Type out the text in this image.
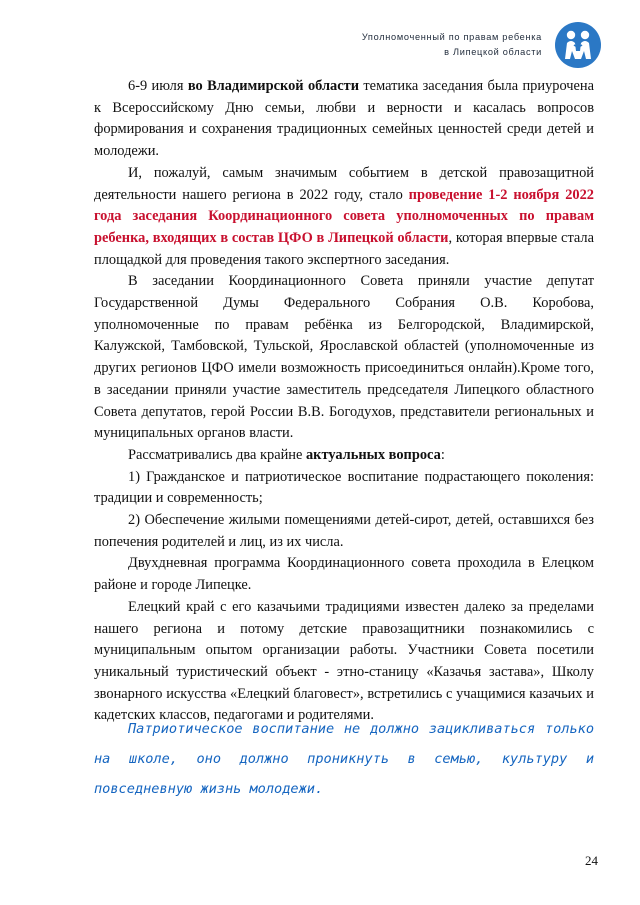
Уполномоченный по правам ребенка
в Липецкой области

6-9 июля во Владимирской области тематика заседания была приурочена к Всероссийскому Дню семьи, любви и верности и касалась вопросов формирования и сохранения традиционных семейных ценностей среди детей и молодежи.

И, пожалуй, самым значимым событием в детской правозащитной деятельности нашего региона в 2022 году, стало проведение 1-2 ноября 2022 года заседания Координационного совета уполномоченных по правам ребенка, входящих в состав ЦФО в Липецкой области, которая впервые стала площадкой для проведения такого экспертного заседания.

В заседании Координационного Совета приняли участие депутат Государственной Думы Федерального Собрания О.В. Коробова, уполномоченные по правам ребёнка из Белгородской, Владимирской, Калужской, Тамбовской, Тульской, Ярославской областей (уполномоченные из других регионов ЦФО имели возможность присоединиться онлайн).Кроме того, в заседании приняли участие заместитель председателя Липецкого областного Совета депутатов, герой России В.В. Богодухов, представители региональных и муниципальных органов власти.

Рассматривались два крайне актуальных вопроса:

1) Гражданское и патриотическое воспитание подрастающего поколения: традиции и современность;

2) Обеспечение жилыми помещениями детей-сирот, детей, оставшихся без попечения родителей и лиц, из их числа.

Двухдневная программа Координационного совета проходила в Елецком районе и городе Липецке.

Елецкий край с его казачьими традициями известен далеко за пределами нашего региона и потому детские правозащитники познакомились с муниципальным опытом организации работы. Участники Совета посетили уникальный туристический объект - этно-станицу «Казачья застава», Школу звонарного искусства «Елецкий благовест», встретились с учащимися казачьих и кадетских классов, педагогами и родителями.

Патриотическое воспитание не должно зацикливаться только на школе, оно должно проникнуть в семью, культуру и повседневную жизнь молодежи.
24
